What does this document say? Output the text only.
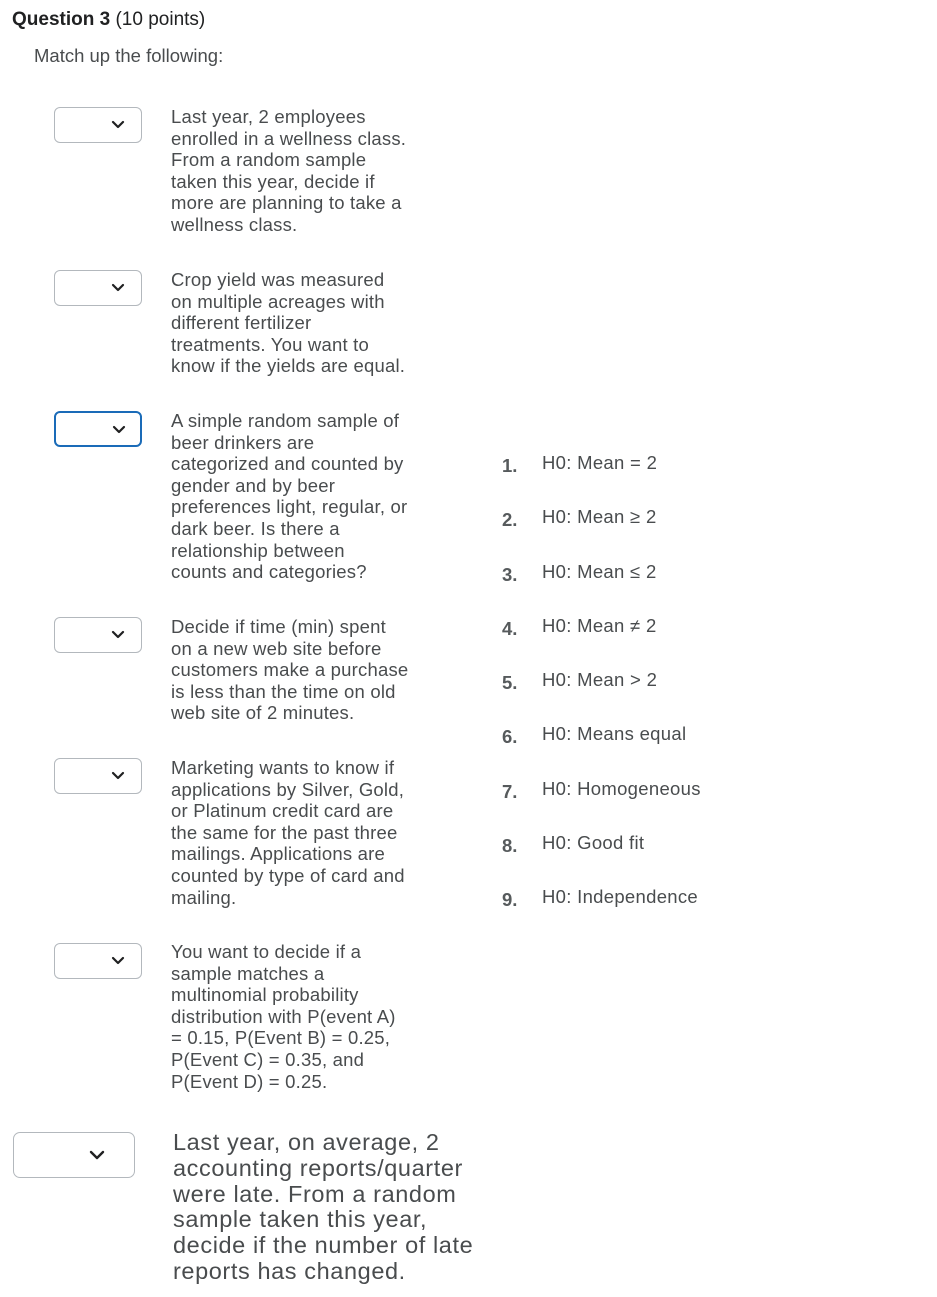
Question 3 (10 points)
Match up the following:
Last year, 2 employees
enrolled in a wellness class.
From a random sample
taken this year, decide if
more are planning to take a
wellness class.
Crop yield was measured
on multiple acreages with
different fertilizer
treatments. You want to
know if the yields are equal.
A simple random sample of
beer drinkers are
categorized and counted by
gender and by beer
preferences light, regular, or
dark beer. Is there a
relationship between
counts and categories?
Decide if time (min) spent
on a new web site before
customers make a purchase
is less than the time on old
web site of 2 minutes.
Marketing wants to know if
applications by Silver, Gold,
or Platinum credit card are
the same for the past three
mailings. Applications are
counted by type of card and
mailing.
You want to decide if a
sample matches a
multinomial probability
distribution with P(event A)
= 0.15, P(Event B) = 0.25,
P(Event C) = 0.35, and
P(Event D) = 0.25.
Last year, on average, 2
accounting reports/quarter
were late. From a random
sample taken this year,
decide if the number of late
reports has changed.
1.	H0: Mean = 2
2.	H0: Mean ≥ 2
3.	H0: Mean ≤ 2
4.	H0: Mean ≠ 2
5.	H0: Mean > 2
6.	H0: Means equal
7.	H0: Homogeneous
8.	H0: Good fit
9.	H0: Independence
